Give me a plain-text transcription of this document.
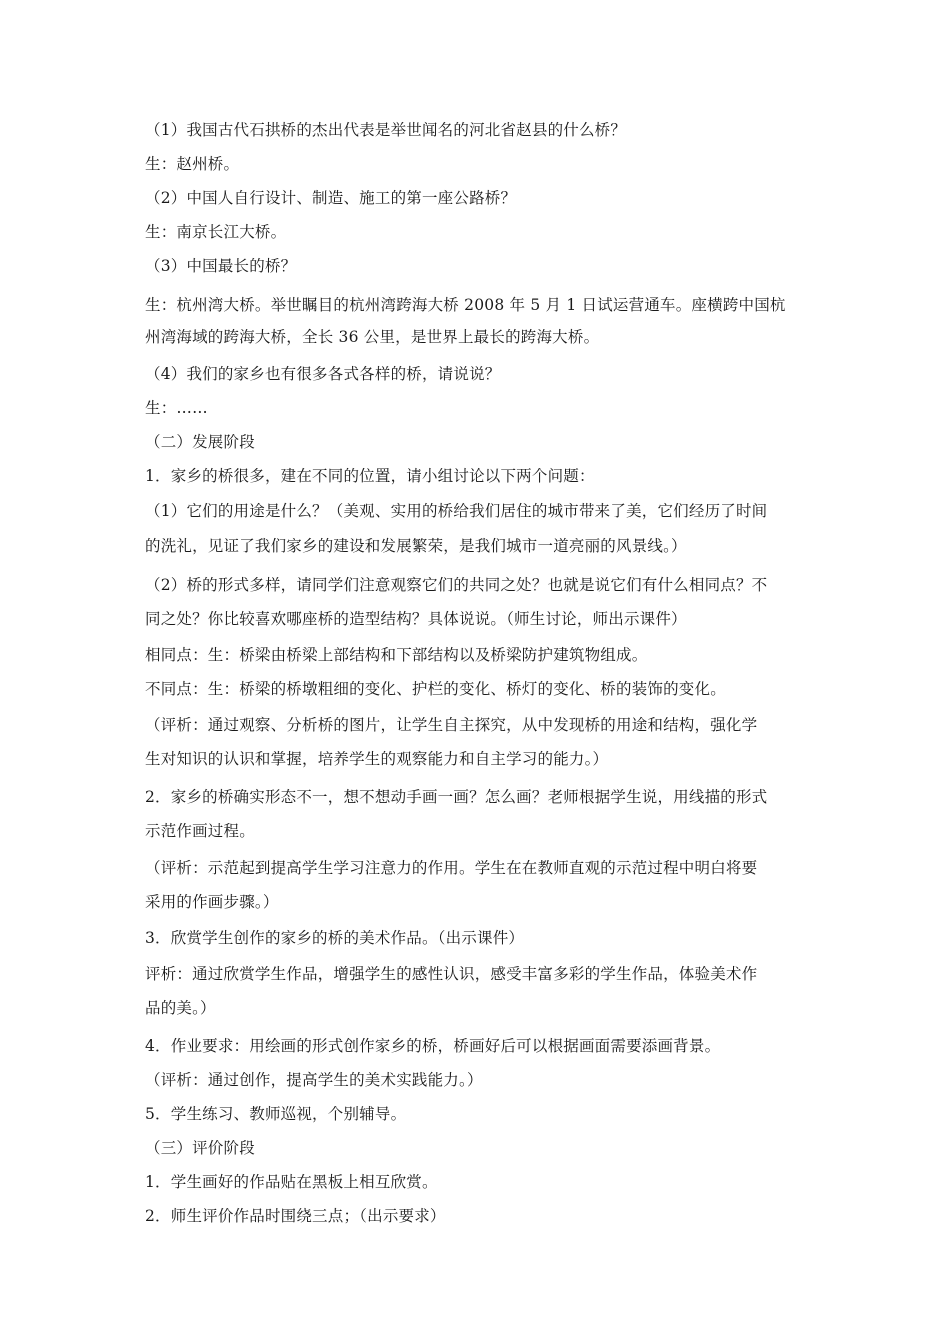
（1）我国古代石拱桥的杰出代表是举世闻名的河北省赵县的什么桥？
生：赵州桥。
（2）中国人自行设计、制造、施工的第一座公路桥？
生：南京长江大桥。
（3）中国最长的桥？
生：杭州湾大桥。举世瞩目的杭州湾跨海大桥 2008 年 5 月 1 日试运营通车。座横跨中国杭
州湾海域的跨海大桥，全长 36 公里，是世界上最长的跨海大桥。
（4）我们的家乡也有很多各式各样的桥，请说说？
生：……
（二）发展阶段
1．家乡的桥很多，建在不同的位置，请小组讨论以下两个问题：
（1）它们的用途是什么？（美观、实用的桥给我们居住的城市带来了美，它们经历了时间
的洗礼，见证了我们家乡的建设和发展繁荣，是我们城市一道亮丽的风景线。）
（2）桥的形式多样，请同学们注意观察它们的共同之处？也就是说它们有什么相同点？不
同之处？你比较喜欢哪座桥的造型结构？具体说说。（师生讨论，师出示课件）
相同点：生：桥梁由桥梁上部结构和下部结构以及桥梁防护建筑物组成。
不同点：生：桥梁的桥墩粗细的变化、护栏的变化、桥灯的变化、桥的装饰的变化。
（评析：通过观察、分析桥的图片，让学生自主探究，从中发现桥的用途和结构，强化学
生对知识的认识和掌握，培养学生的观察能力和自主学习的能力。）
2．家乡的桥确实形态不一，想不想动手画一画？怎么画？老师根据学生说，用线描的形式
示范作画过程。
（评析：示范起到提高学生学习注意力的作用。学生在在教师直观的示范过程中明白将要
采用的作画步骤。）
3．欣赏学生创作的家乡的桥的美术作品。（出示课件）
评析：通过欣赏学生作品，增强学生的感性认识，感受丰富多彩的学生作品，体验美术作
品的美。）
4．作业要求：用绘画的形式创作家乡的桥，桥画好后可以根据画面需要添画背景。
（评析：通过创作，提高学生的美术实践能力。）
5．学生练习、教师巡视，个别辅导。
（三）评价阶段
1．学生画好的作品贴在黑板上相互欣赏。
2．师生评价作品时围绕三点；（出示要求）
